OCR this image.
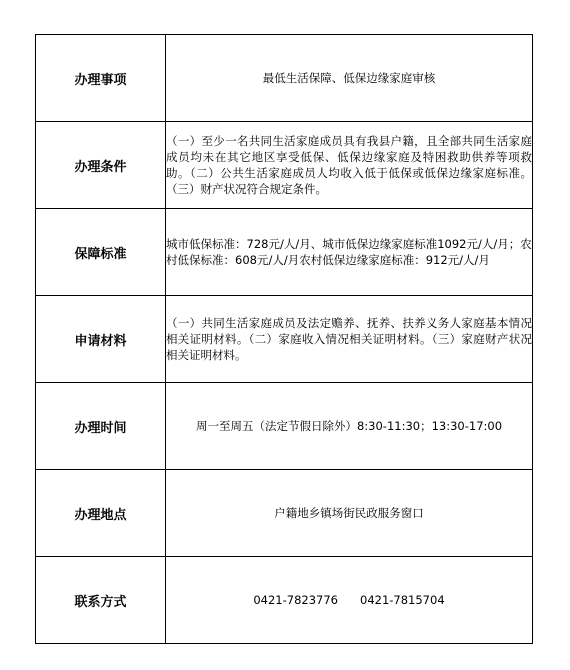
办理事项	最低生活保障、低保边缘家庭审核
办理条件	（一）至少一名共同生活家庭成员具有我县户籍，且全部共同生活家庭成员均未在其它地区享受低保、低保边缘家庭及特困救助供养等项救助。（二）公共生活家庭成员人均收入低于低保或低保边缘家庭标准。（三）财产状况符合规定条件。
保障标准	城市低保标准：728元/人/月、城市低保边缘家庭标准1092元/人/月；农村低保标准：608元/人/月农村低保边缘家庭标准：912元/人/月
申请材料	（一）共同生活家庭成员及法定赡养、抚养、扶养义务人家庭基本情况相关证明材料。（二）家庭收入情况相关证明材料。（三）家庭财产状况相关证明材料。
办理时间	周一至周五（法定节假日除外）8:30-11:30；13:30-17:00
办理地点	户籍地乡镇场街民政服务窗口
联系方式	0421-7823776 0421-7815704
